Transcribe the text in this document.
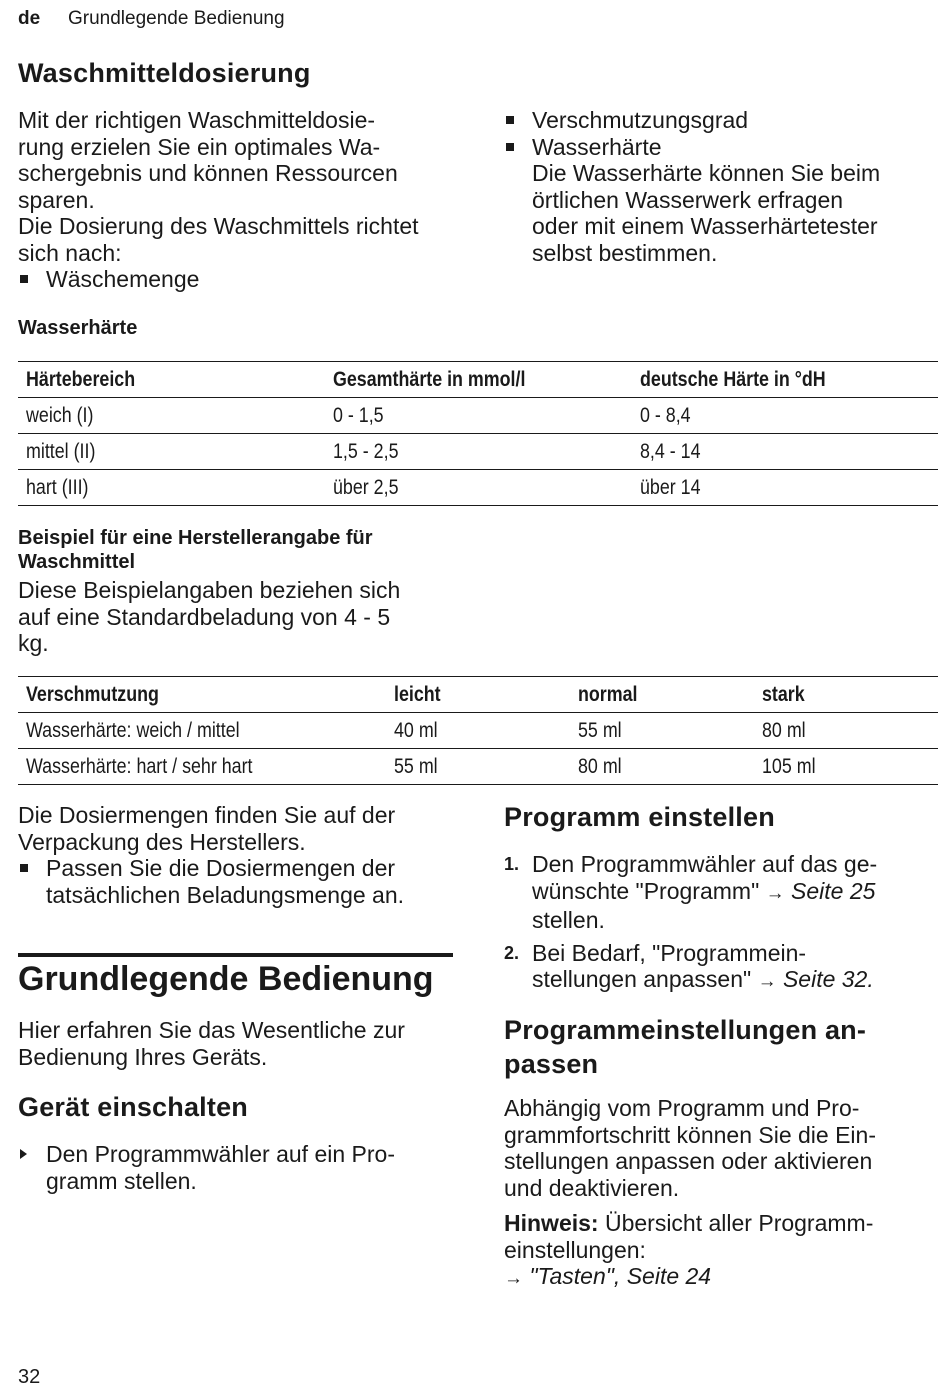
de Grundlegende Bedienung
Waschmitteldosierung
Mit der richtigen Waschmitteldosie-
rung erzielen Sie ein optimales Wa-
schergebnis und können Ressourcen
sparen.
Die Dosierung des Waschmittels richtet
sich nach:
Wäschemenge
Verschmutzungsgrad
Wasserhärte
Die Wasserhärte können Sie beim
örtlichen Wasserwerk erfragen
oder mit einem Wasserhärtetester
selbst bestimmen.
Wasserhärte
Härtebereich	Gesamthärte in mmol/l	deutsche Härte in °dH
weich (I)	0 - 1,5	0 - 8,4
mittel (II)	1,5 - 2,5	8,4 - 14
hart (III)	über 2,5	über 14
Beispiel für eine Herstellerangabe für
Waschmittel
Diese Beispielangaben beziehen sich
auf eine Standardbeladung von 4 - 5
kg.
Verschmutzung	leicht	normal	stark
Wasserhärte: weich / mittel	40 ml	55 ml	80 ml
Wasserhärte: hart / sehr hart	55 ml	80 ml	105 ml
Die Dosiermengen finden Sie auf der
Verpackung des Herstellers.
Passen Sie die Dosiermengen der
tatsächlichen Beladungsmenge an.
Grundlegende Bedienung
Hier erfahren Sie das Wesentliche zur
Bedienung Ihres Geräts.
Gerät einschalten
Den Programmwähler auf ein Pro-
gramm stellen.
Programm einstellen
1. Den Programmwähler auf das ge-
wünschte "Programm" → Seite 25
stellen.
2. Bei Bedarf, "Programmein-
stellungen anpassen" → Seite 32.
Programmeinstellungen an-
passen
Abhängig vom Programm und Pro-
grammfortschritt können Sie die Ein-
stellungen anpassen oder aktivieren
und deaktivieren.
Hinweis: Übersicht aller Programm-
einstellungen:
→ "Tasten", Seite 24
32
